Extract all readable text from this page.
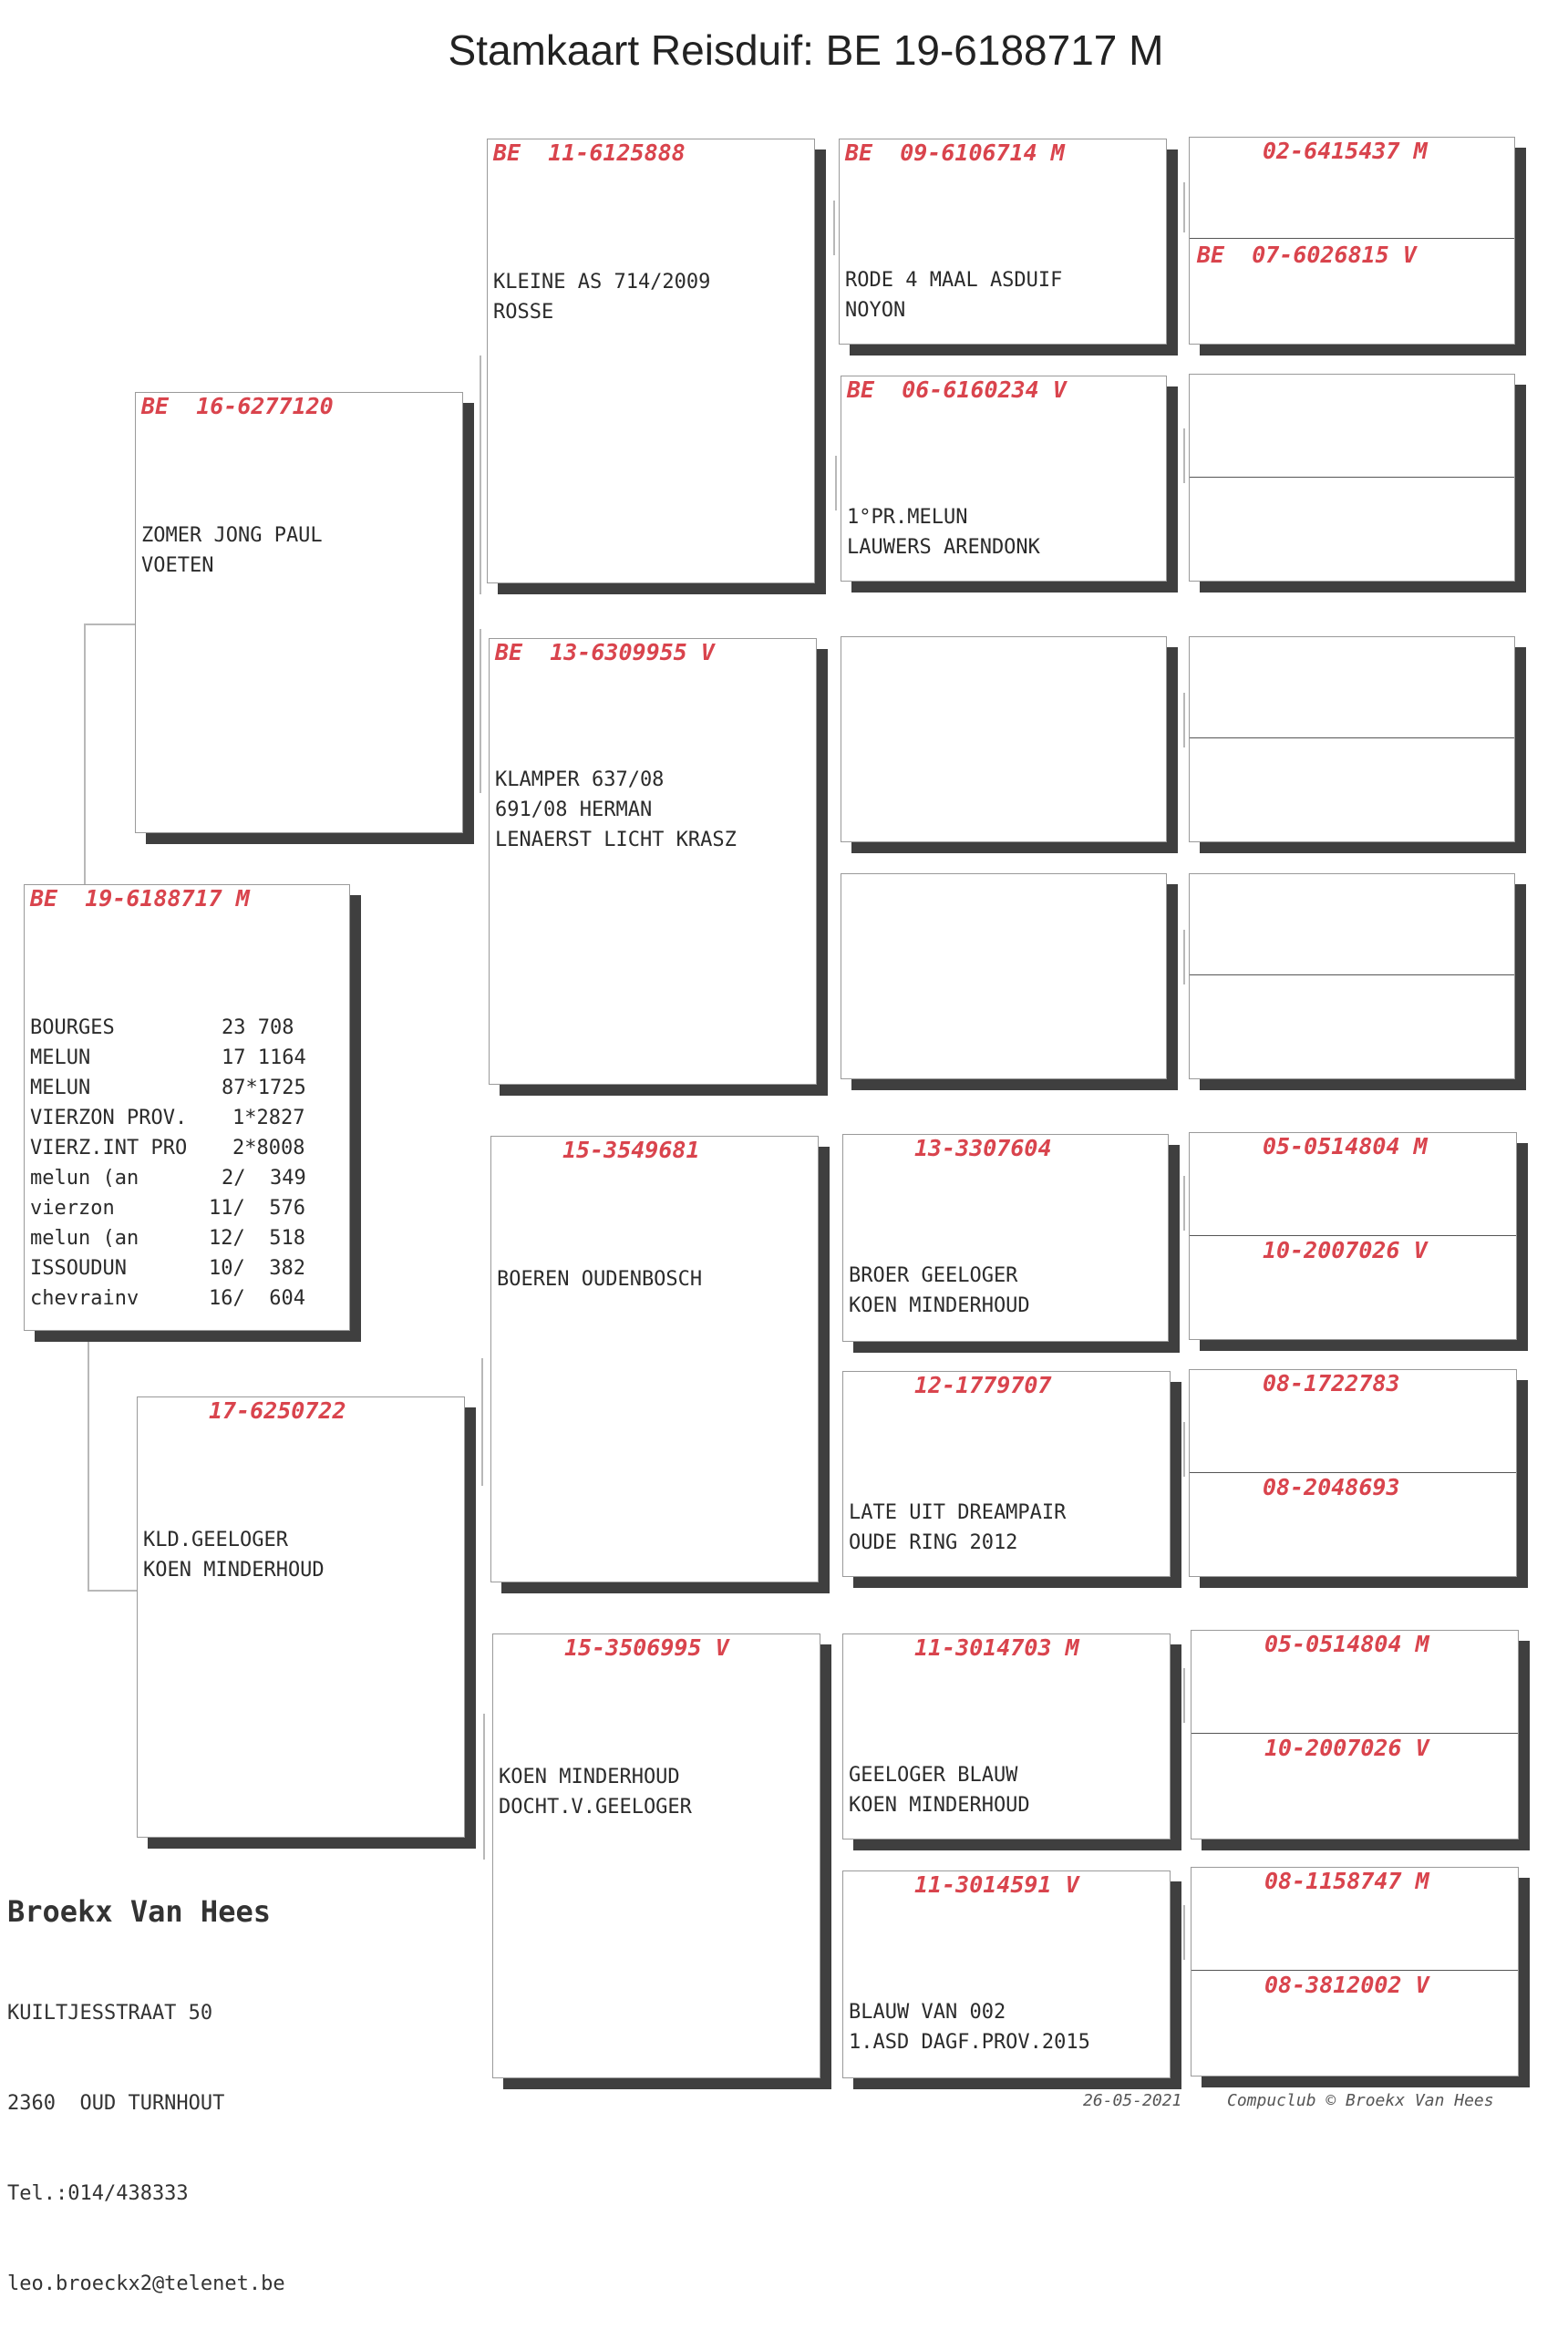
Stamkaart Reisduif: BE 19-6188717 M
BE  19-6188717 M
BOURGES	23 708
MELUN	17 1164
MELUN	87*1725
VIERZON PROV. 1*2827
VIERZ.INT PRO 2*8008
melun (an	2/  349
vierzon	11/  576
melun (an	12/  518
ISSOUDUN	10/  382
chevrainv	16/  604
BE  16-6277120
ZOMER JONG PAUL
VOETEN
17-6250722
KLD.GEELOGER
KOEN MINDERHOUD
BE  11-6125888
KLEINE AS 714/2009
ROSSE
BE  13-6309955 V
KLAMPER 637/08
691/08 HERMAN
LENAERST LICHT KRASZ
15-3549681
BOEREN OUDENBOSCH
15-3506995 V
KOEN MINDERHOUD
DOCHT.V.GEELOGER
BE  09-6106714 M
RODE 4 MAAL ASDUIF
NOYON
BE  06-6160234 V
1°PR.MELUN
LAUWERS ARENDONK
13-3307604
BROER GEELOGER
KOEN MINDERHOUD
12-1779707
LATE UIT DREAMPAIR
OUDE RING 2012
11-3014703 M
GEELOGER BLAUW
KOEN MINDERHOUD
11-3014591 V
BLAUW VAN 002
1.ASD DAGF.PROV.2015
02-6415437 M
BE  07-6026815 V
05-0514804 M
10-2007026 V
08-1722783
08-2048693
05-0514804 M
10-2007026 V
08-1158747 M
08-3812002 V
Broekx Van Hees

KUILTJESSTRAAT 50

2360  OUD TURNHOUT

Tel.:014/438333

leo.broeckx2@telenet.be

26-05-2021	Compuclub © Broekx Van Hees
